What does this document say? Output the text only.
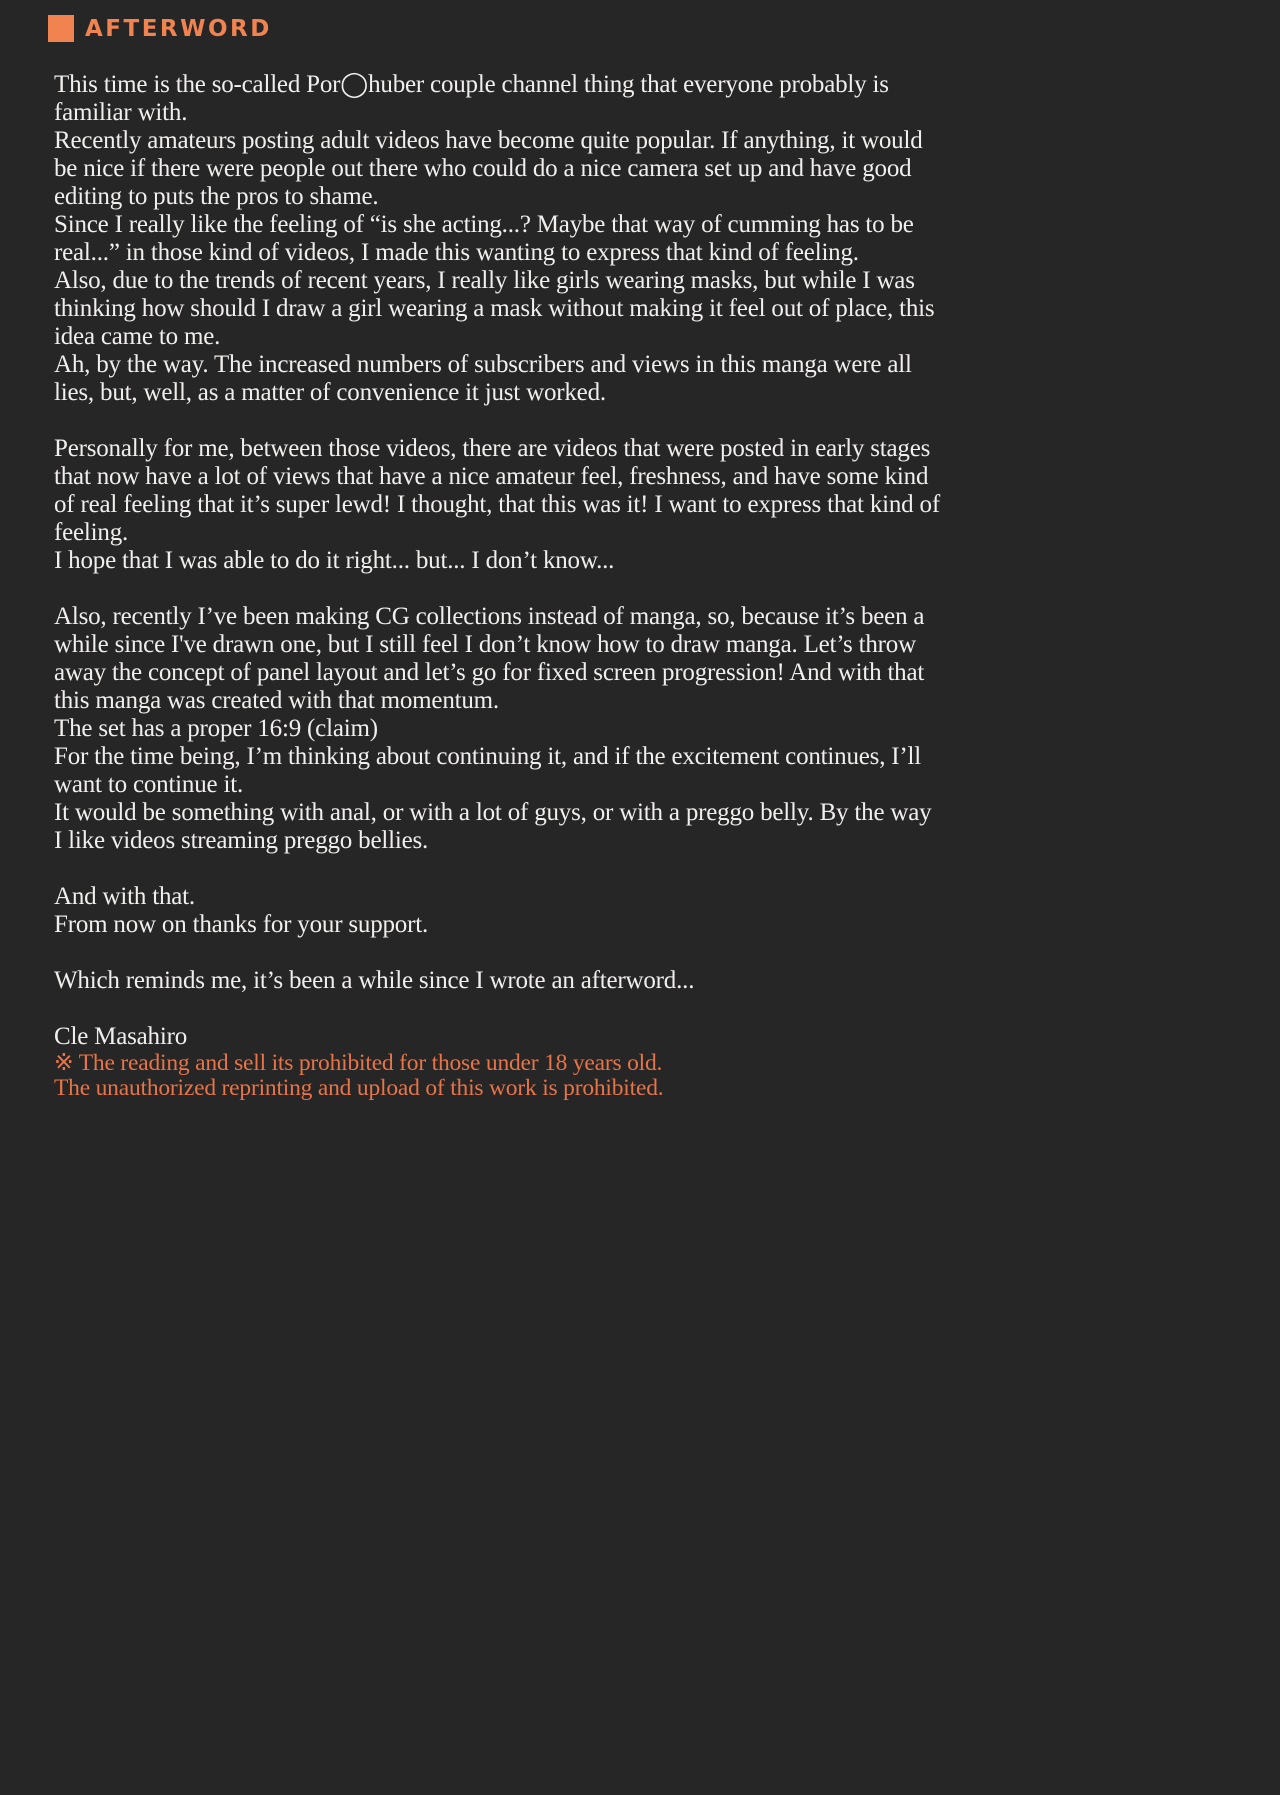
AFTERWORD
This time is the so-called Por◯huber couple channel thing that everyone probably is
familiar with.
Recently amateurs posting adult videos have become quite popular. If anything, it would
be nice if there were people out there who could do a nice camera set up and have good
editing to puts the pros to shame.
Since I really like the feeling of “is she acting...? Maybe that way of cumming has to be
real...” in those kind of videos, I made this wanting to express that kind of feeling.
Also, due to the trends of recent years, I really like girls wearing masks, but while I was
thinking how should I draw a girl wearing a mask without making it feel out of place, this
idea came to me.
Ah, by the way. The increased numbers of subscribers and views in this manga were all
lies, but, well, as a matter of convenience it just worked.
Personally for me, between those videos, there are videos that were posted in early stages
that now have a lot of views that have a nice amateur feel, freshness, and have some kind
of real feeling that it’s super lewd! I thought, that this was it! I want to express that kind of
feeling.
I hope that I was able to do it right... but... I don’t know...
Also, recently I’ve been making CG collections instead of manga, so, because it’s been a
while since I've drawn one, but I still feel I don’t know how to draw manga. Let’s throw
away the concept of panel layout and let’s go for fixed screen progression! And with that
this manga was created with that momentum.
The set has a proper 16:9 (claim)
For the time being, I’m thinking about continuing it, and if the excitement continues, I’ll
want to continue it.
It would be something with anal, or with a lot of guys, or with a preggo belly. By the way
I like videos streaming preggo bellies.
And with that.
From now on thanks for your support.
Which reminds me, it’s been a while since I wrote an afterword...
Cle Masahiro
※ The reading and sell its prohibited for those under 18 years old.
The unauthorized reprinting and upload of this work is prohibited.
